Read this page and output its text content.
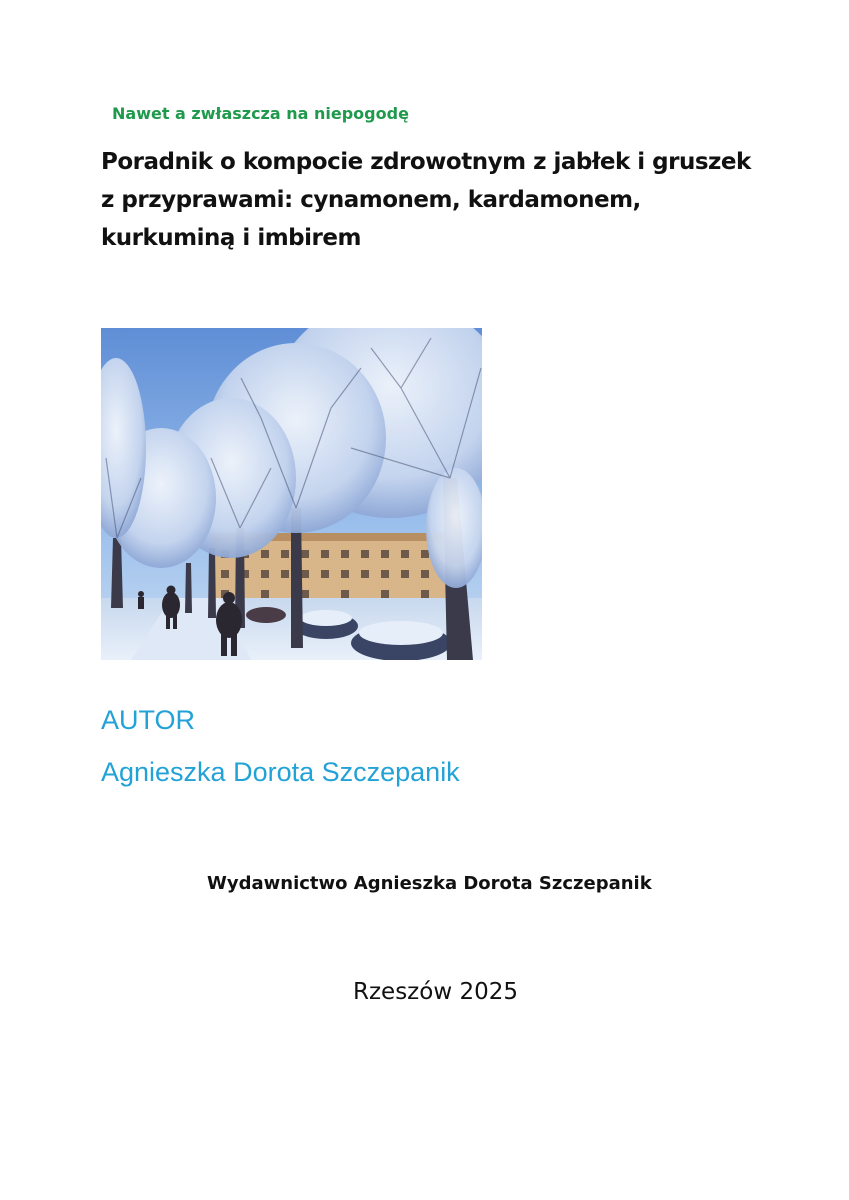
Nawet a zwłaszcza na niepogodę
Poradnik o kompocie zdrowotnym z jabłek i gruszek
z przyprawami: cynamonem, kardamonem,
kurkuminą i imbirem
AUTOR
Agnieszka Dorota Szczepanik
Wydawnictwo Agnieszka Dorota Szczepanik
Rzeszów 2025
